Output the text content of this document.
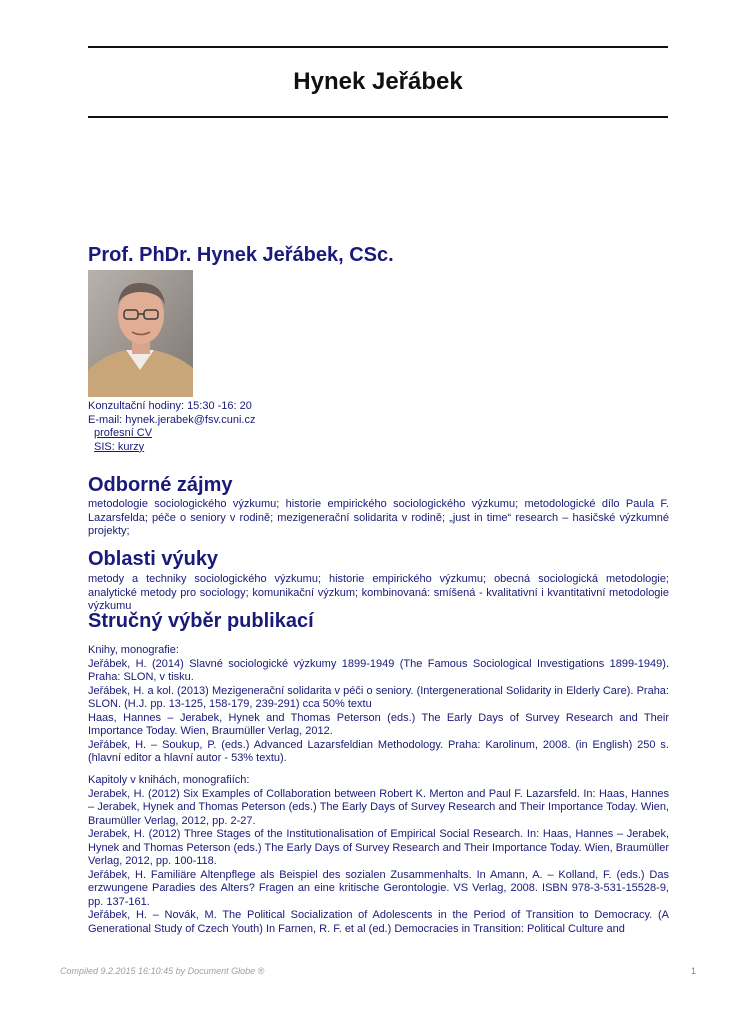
Hynek Jeřábek
Prof. PhDr. Hynek Jeřábek, CSc.
Konzultační hodiny: 15:30 -16: 20
E-mail: hynek.jerabek@fsv.cuni.cz
profesní CV
SIS: kurzy
Odborné zájmy

metodologie sociologického výzkumu; historie empirického sociologického výzkumu; metodologické dílo Paula F. Lazarsfelda; péče o seniory v rodině; mezigenerační solidarita v rodině; „just in time“ research – hasičské výzkumné projekty;

Oblasti výuky

metody a techniky sociologického výzkumu; historie empirického výzkumu; obecná sociologická metodologie; analytické metody pro sociology; komunikační výzkum; kombinovaná: smíšená - kvalitativní i kvantitativní metodologie výzkumu

Stručný výběr publikací

Knihy, monografie:

Jeřábek, H. (2014) Slavné sociologické výzkumy 1899-1949 (The Famous Sociological Investigations 1899-1949). Praha: SLON, v tisku.

Jeřábek, H. a kol. (2013) Mezigenerační solidarita v péči o seniory. (Intergenerational Solidarity in Elderly Care). Praha: SLON. (H.J. pp. 13-125, 158-179, 239-291) cca 50% textu

Haas, Hannes – Jerabek, Hynek and Thomas Peterson (eds.) The Early Days of Survey Research and Their Importance Today. Wien, Braumüller Verlag, 2012.

Jeřábek, H. – Soukup, P. (eds.) Advanced Lazarsfeldian Methodology. Praha: Karolinum, 2008. (in English) 250 s. (hlavní editor a hlavní autor - 53% textu).

Kapitoly v knihách, monografiích:

Jerabek, H. (2012) Six Examples of Collaboration between Robert K. Merton and Paul F. Lazarsfeld. In: Haas, Hannes – Jerabek, Hynek and Thomas Peterson (eds.) The Early Days of Survey Research and Their Importance Today. Wien, Braumüller Verlag, 2012, pp. 2-27.

Jerabek, H. (2012) Three Stages of the Institutionalisation of Empirical Social Research. In: Haas, Hannes – Jerabek, Hynek and Thomas Peterson (eds.) The Early Days of Survey Research and Their Importance Today. Wien, Braumüller Verlag, 2012, pp. 100-118.

Jeřábek, H. Familiäre Altenpflege als Beispiel des sozialen Zusammenhalts. In Amann, A. – Kolland, F. (eds.) Das erzwungene Paradies des Alters? Fragen an eine kritische Gerontologie. VS Verlag, 2008. ISBN 978-3-531-15528-9, pp. 137-161.

Jeřábek, H. – Novák, M. The Political Socialization of Adolescents in the Period of Transition to Democracy. (A Generational Study of Czech Youth) In Farnen, R. F. et al (ed.) Democracies in Transition: Political Culture and

Compiled 9.2.2015 16:10:45 by Document Globe ®	1
